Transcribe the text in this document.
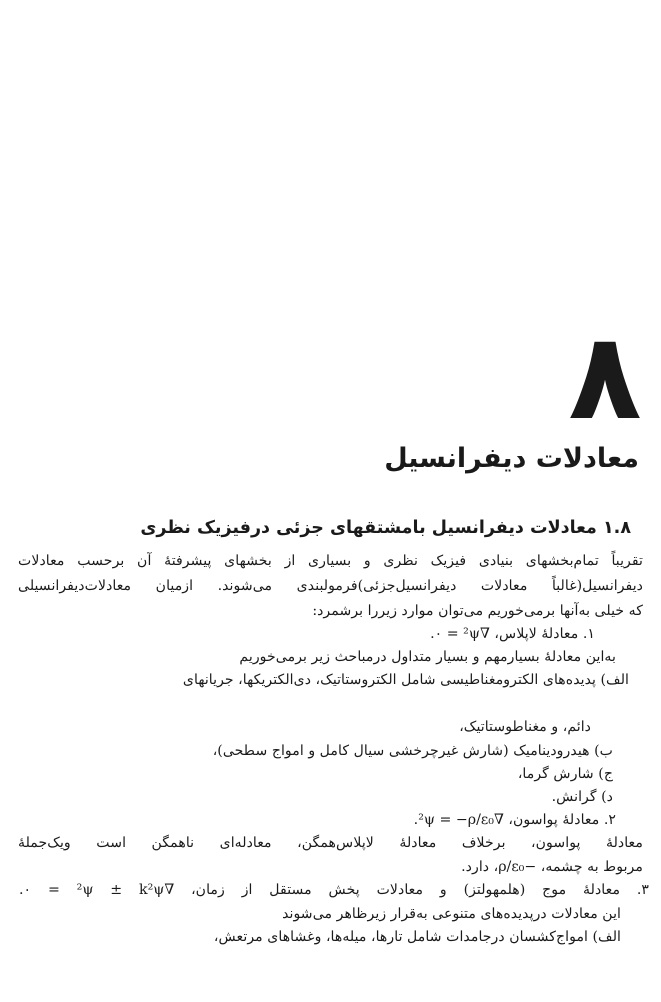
۸
معادلات دیفرانسیل
۱.۸ معادلات دیفرانسیل بامشتقهای جزئی درفیزیک نظری
تقریباً تمام‌بخشهای بنیادی فیزیک نظری و بسیاری از بخشهای پیشرفتهٔ آن برحسب معادلات
دیفرانسیل(غالباً معادلات دیفرانسیل‌جزئی)فرمولبندی می‌شوند. ازمیان معادلات‌دیفرانسیلی
که خیلی به‌آنها برمی‌خوریم می‌توان موارد زیررا برشمرد:
۱. معادلهٔ لاپلاس، ∇²ψ = ٠.
به‌این معادلهٔ بسیارمهم و بسیار متداول درمباحث زیر برمی‌خوریم
الف) پدیده‌های الکترومغناطیسی شامل الکتروستاتیک، دی‌الکتریکها، جریانهای
دائم، و مغناطوستاتیک،
ب) هیدرودینامیک (شارش غیرچرخشی سیال کامل و امواج سطحی)،
ج) شارش گرما،
د) گرانش.
۲. معادلهٔ پواسون، ∇²ψ = −ρ/ε₀.
معادلهٔ پواسون، برخلاف معادلهٔ لاپلاس‌همگن، معادله‌ای ناهمگن است ویک‌جملهٔ
مربوط به چشمه، −ρ/ε₀، دارد.
۳. معادلهٔ موج (هلمهولتز) و معادلات پخش مستقل از زمان، ∇²ψ ± k²ψ = ٠.
این معادلات درپدیده‌های متنوعی به‌قرار زیرظاهر می‌شوند
الف) امواج‌کشسان درجامدات شامل تارها، میله‌ها، وغشاهای مرتعش،
